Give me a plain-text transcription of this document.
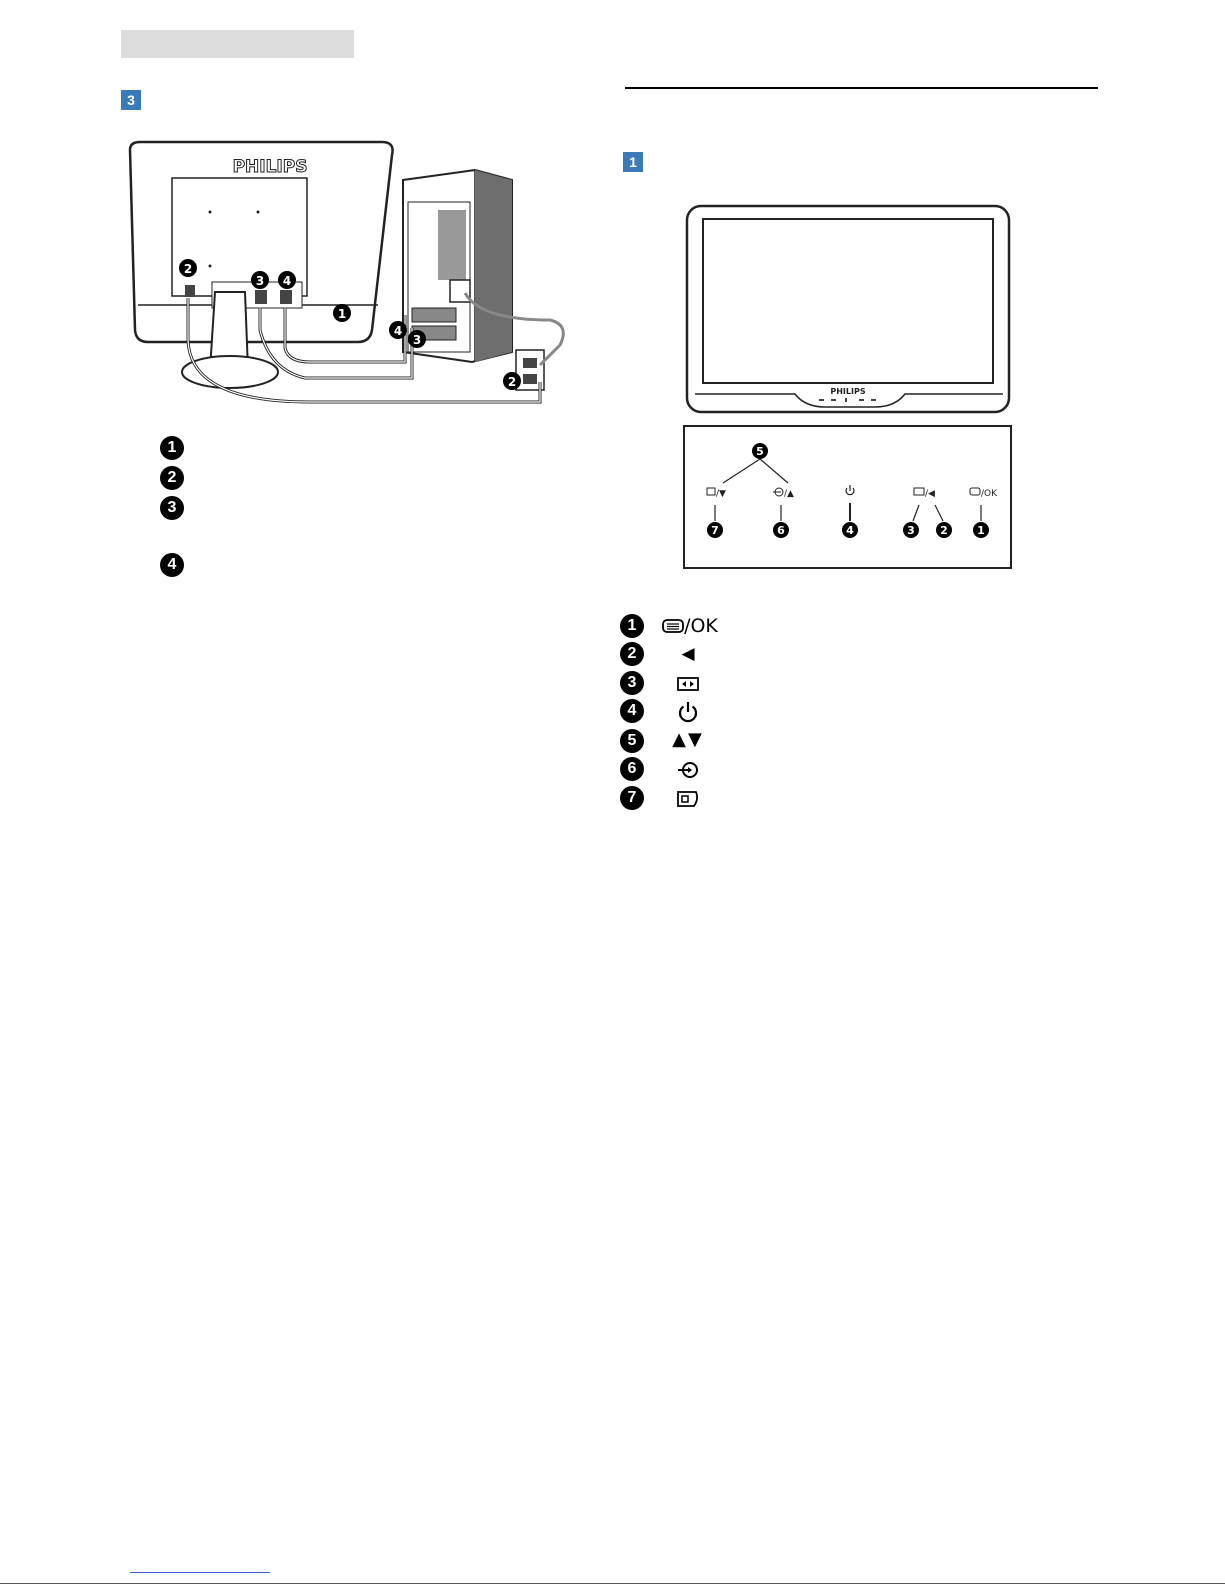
3
1
PHILIPS
1
2
3 4
4
3
2
1
2
3
4
PHILIPS
5
/▼	/▲	/◀	/OK
7	6	4	3 2	1
1	/OK
2	◀
3
4
5	▲▼
6
7
